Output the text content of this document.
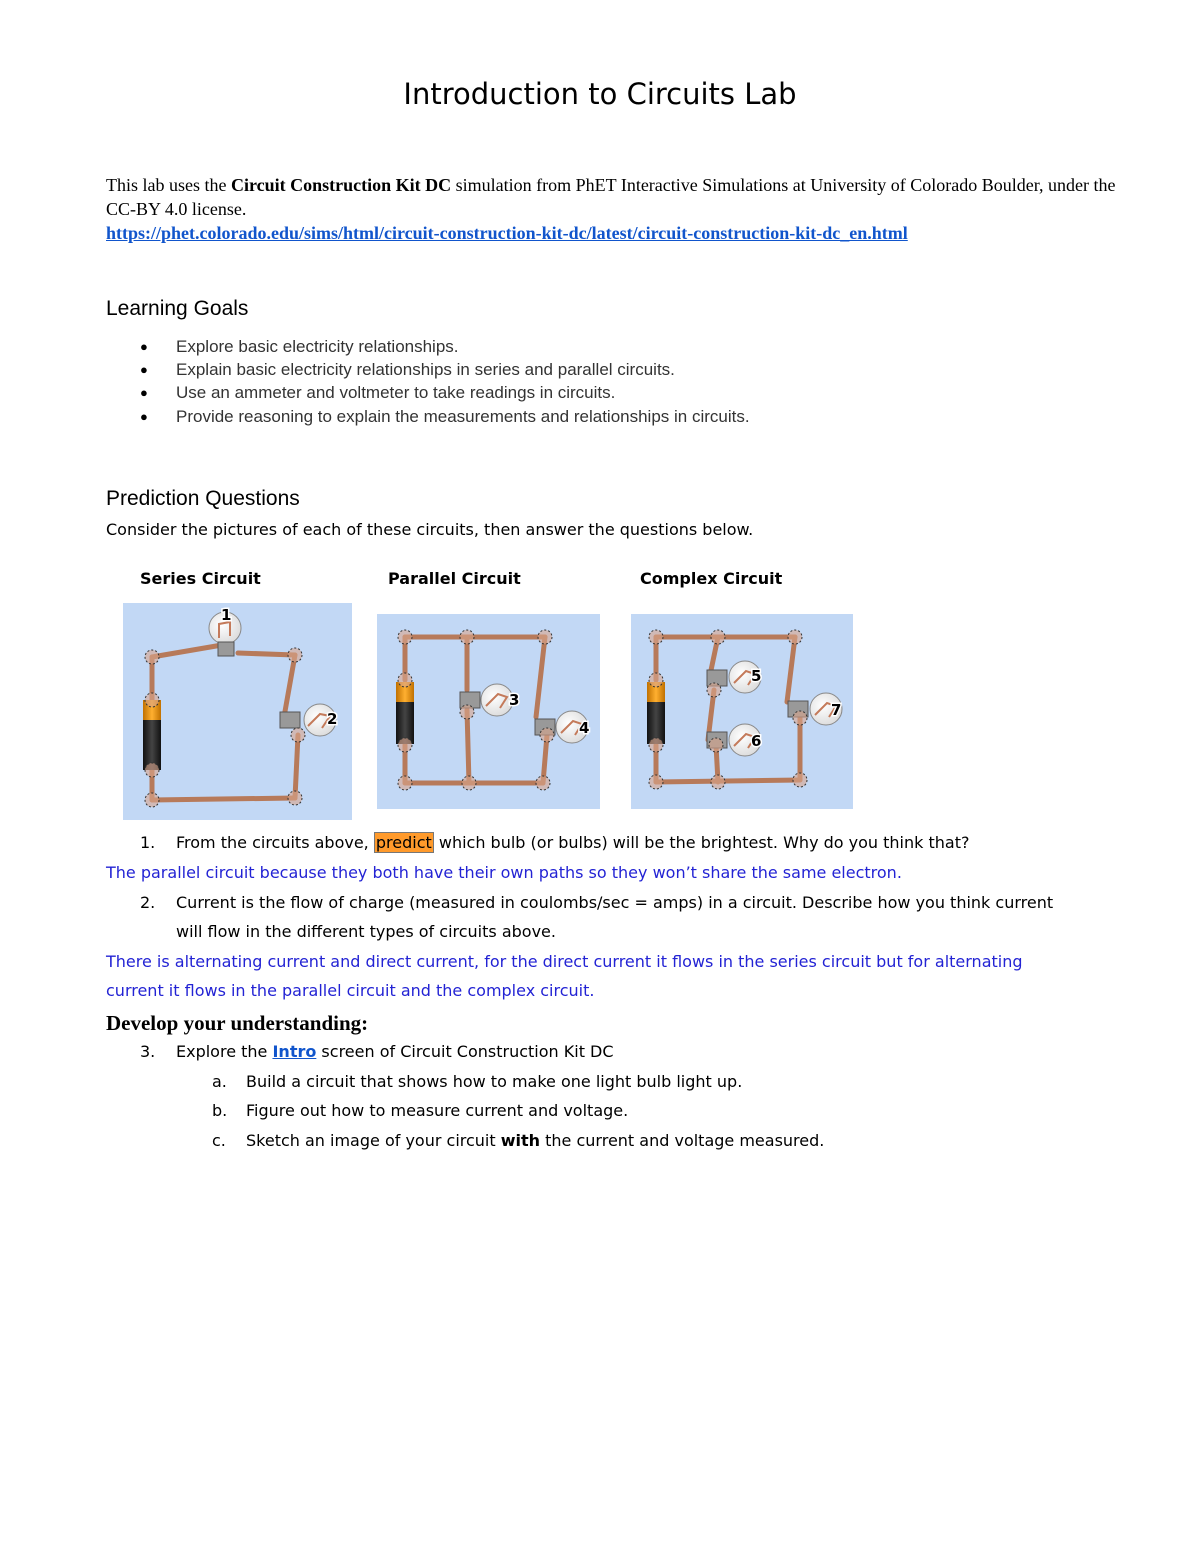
Introduction to Circuits Lab
This lab uses the Circuit Construction Kit DC simulation from PhET Interactive Simulations at University of Colorado Boulder, under the CC-BY 4.0 license.
https://phet.colorado.edu/sims/html/circuit-construction-kit-dc/latest/circuit-construction-kit-dc_en.html
Learning Goals
● Explore basic electricity relationships.
● Explain basic electricity relationships in series and parallel circuits.
● Use an ammeter and voltmeter to take readings in circuits.
● Provide reasoning to explain the measurements and relationships in circuits.
Prediction Questions
Consider the pictures of each of these circuits, then answer the questions below.
Series Circuit	Parallel Circuit	Complex Circuit
1
2
3
4
5
6
7
1. From the circuits above, predict which bulb (or bulbs) will be the brightest. Why do you think that?
The parallel circuit because they both have their own paths so they won’t share the same electron.
2. Current is the flow of charge (measured in coulombs/sec = amps) in a circuit. Describe how you think current
will flow in the different types of circuits above.
There is alternating current and direct current, for the direct current it flows in the series circuit but for alternating
current it flows in the parallel circuit and the complex circuit.
Develop your understanding:
3. Explore the Intro screen of Circuit Construction Kit DC
a. Build a circuit that shows how to make one light bulb light up.
b. Figure out how to measure current and voltage.
c. Sketch an image of your circuit with the current and voltage measured.
